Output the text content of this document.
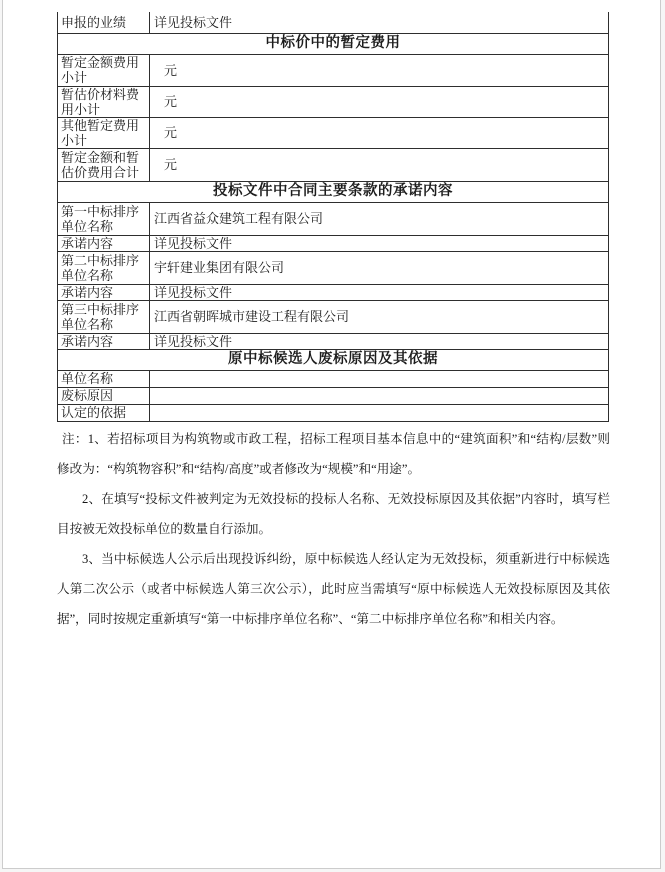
申报的业绩	详见投标文件
中标价中的暂定费用	
暂定金额费用小计	元
暂估价材料费用小计	元
其他暂定费用小计	元
暂定金额和暂估价费用合计	元
投标文件中合同主要条款的承诺内容	
第一中标排序单位名称	江西省益众建筑工程有限公司
承诺内容	详见投标文件
第二中标排序单位名称	宇轩建业集团有限公司
承诺内容	详见投标文件
第三中标排序单位名称	江西省朝晖城市建设工程有限公司
承诺内容	详见投标文件
原中标候选人废标原因及其依据	
单位名称	
废标原因	
认定的依据	

注：1、若招标项目为构筑物或市政工程，招标工程项目基本信息中的“建筑面积”和“结构/层数”则修改为：“构筑物容积”和“结构/高度”或者修改为“规模”和“用途”。

2、在填写“投标文件被判定为无效投标的投标人名称、无效投标原因及其依据”内容时，填写栏目按被无效投标单位的数量自行添加。

3、当中标候选人公示后出现投诉纠纷，原中标候选人经认定为无效投标，须重新进行中标候选人第二次公示（或者中标候选人第三次公示），此时应当需填写“原中标候选人无效投标原因及其依据”，同时按规定重新填写“第一中标排序单位名称”、“第二中标排序单位名称”和相关内容。
